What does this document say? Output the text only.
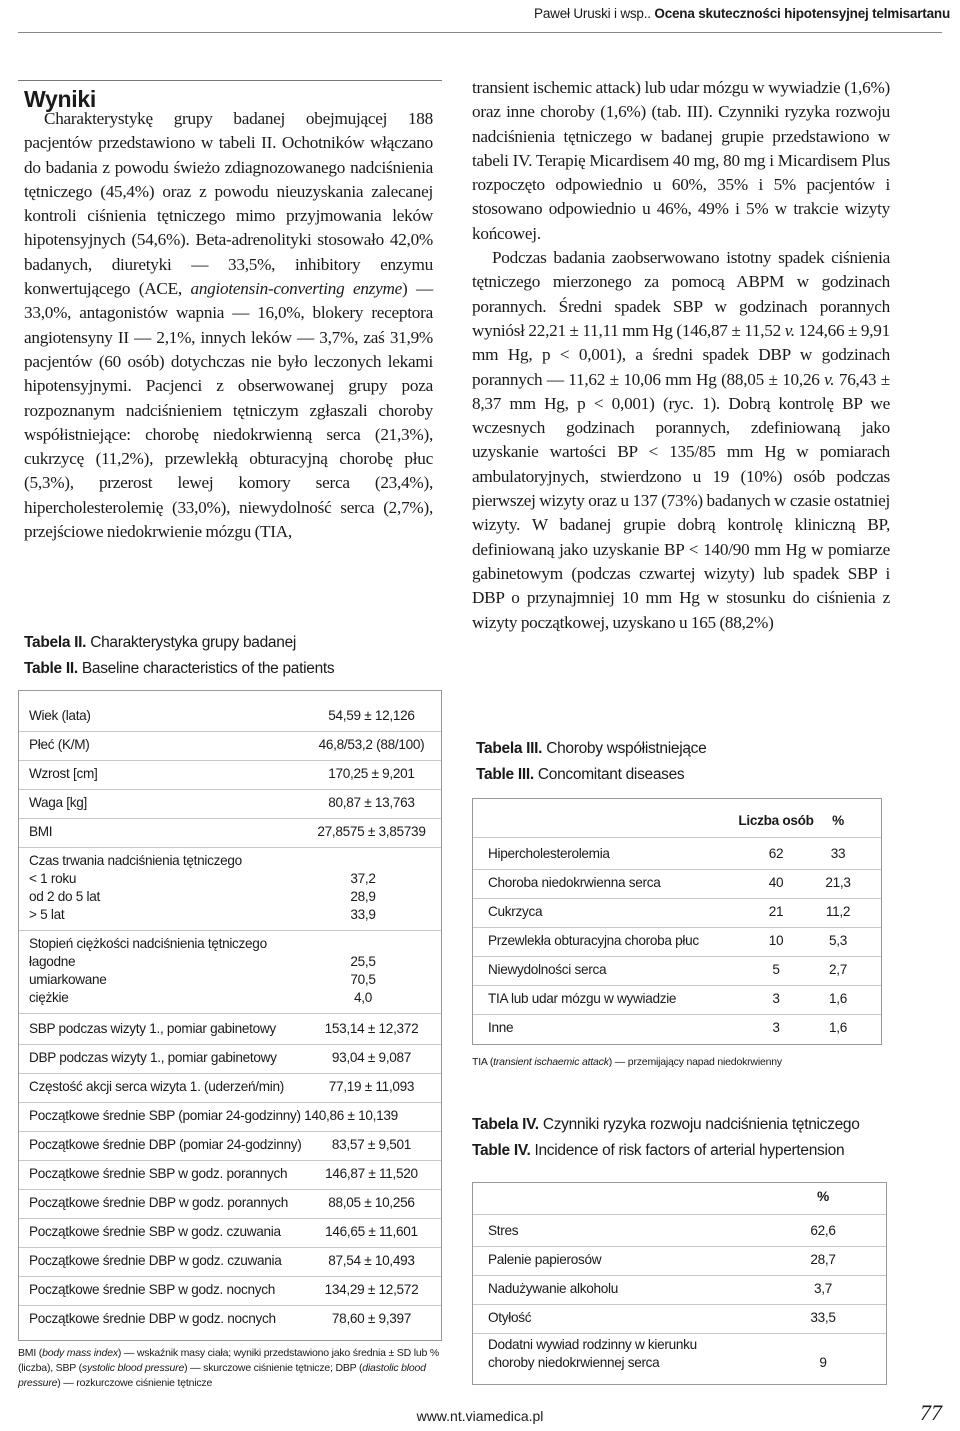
Paweł Uruski i wsp.. Ocena skuteczności hipotensyjnej telmisartanu
Wyniki

Charakterystykę grupy badanej obejmującej 188 pacjentów przedstawiono w tabeli II. Ochotników włączano do badania z powodu świeżo zdiagnozowanego nadciśnienia tętniczego (45,4%) oraz z powodu nieuzyskania zalecanej kontroli ciśnienia tętniczego mimo przyjmowania leków hipotensyjnych (54,6%). Beta-adrenolityki stosowało 42,0% badanych, diuretyki — 33,5%, inhibitory enzymu konwertującego (ACE, angiotensin-converting enzyme) — 33,0%, antagonistów wapnia — 16,0%, blokery receptora angiotensyny II — 2,1%, innych leków — 3,7%, zaś 31,9% pacjentów (60 osób) dotychczas nie było leczonych lekami hipotensyjnymi. Pacjenci z obserwowanej grupy poza rozpoznanym nadciśnieniem tętniczym zgłaszali choroby współistniejące: chorobę niedokrwienną serca (21,3%), cukrzycę (11,2%), przewlekłą obturacyjną chorobę płuc (5,3%), przerost lewej komory serca (23,4%), hipercholesterolemię (33,0%), niewydolność serca (2,7%), przejściowe niedokrwienie mózgu (TIA,

transient ischemic attack) lub udar mózgu w wywiadzie (1,6%) oraz inne choroby (1,6%) (tab. III). Czynniki ryzyka rozwoju nadciśnienia tętniczego w badanej grupie przedstawiono w tabeli IV. Terapię Micardisem 40 mg, 80 mg i Micardisem Plus rozpoczęto odpowiednio u 60%, 35% i 5% pacjentów i stosowano odpowiednio u 46%, 49% i 5% w trakcie wizyty końcowej.

Podczas badania zaobserwowano istotny spadek ciśnienia tętniczego mierzonego za pomocą ABPM w godzinach porannych. Średni spadek SBP w godzinach porannych wyniósł 22,21 ± 11,11 mm Hg (146,87 ± 11,52 v. 124,66 ± 9,91 mm Hg, p < 0,001), a średni spadek DBP w godzinach porannych — 11,62 ± 10,06 mm Hg (88,05 ± 10,26 v. 76,43 ± 8,37 mm Hg, p < 0,001) (ryc. 1). Dobrą kontrolę BP we wczesnych godzinach porannych, zdefiniowaną jako uzyskanie wartości BP < 135/85 mm Hg w pomiarach ambulatoryjnych, stwierdzono u 19 (10%) osób podczas pierwszej wizyty oraz u 137 (73%) badanych w czasie ostatniej wizyty. W badanej grupie dobrą kontrolę kliniczną BP, definiowaną jako uzyskanie BP < 140/90 mm Hg w pomiarze gabinetowym (podczas czwartej wizyty) lub spadek SBP i DBP o przynajmniej 10 mm Hg w stosunku do ciśnienia z wizyty początkowej, uzyskano u 165 (88,2%)

Tabela II. Charakterystyka grupy badanej
Table II. Baseline characteristics of the patients
Wiek (lata)	54,59 ± 12,126
Płeć (K/M)	46,8/53,2 (88/100)
Wzrost [cm]	170,25 ± 9,201
Waga [kg]	80,87 ± 13,763
BMI	27,8575 ± 3,85739
Czas trwania nadciśnienia tętniczego
< 1 roku	37,2
od 2 do 5 lat	28,9
> 5 lat	33,9
Stopień ciężkości nadciśnienia tętniczego
łagodne	25,5
umiarkowane	70,5
ciężkie	4,0
SBP podczas wizyty 1., pomiar gabinetowy	153,14 ± 12,372
DBP podczas wizyty 1., pomiar gabinetowy	93,04 ± 9,087
Częstość akcji serca wizyta 1. (uderzeń/min)	77,19 ± 11,093
Początkowe średnie SBP (pomiar 24-godzinny) 140,86 ± 10,139
Początkowe średnie DBP (pomiar 24-godzinny)	83,57 ± 9,501
Początkowe średnie SBP w godz. porannych	146,87 ± 11,520
Początkowe średnie DBP w godz. porannych	88,05 ± 10,256
Początkowe średnie SBP w godz. czuwania	146,65 ± 11,601
Początkowe średnie DBP w godz. czuwania	87,54 ± 10,493
Początkowe średnie SBP w godz. nocnych	134,29 ± 12,572
Początkowe średnie DBP w godz. nocnych	78,60 ± 9,397
BMI (body mass index) — wskaźnik masy ciała; wyniki przedstawiono jako średnia ± SD lub % (liczba), SBP (systolic blood pressure) — skurczowe ciśnienie tętnicze; DBP (diastolic blood pressure) — rozkurczowe ciśnienie tętnicze
Tabela III. Choroby współistniejące
Table III. Concomitant diseases
Liczba osób	%
Hipercholesterolemia	62	33
Choroba niedokrwienna serca	40	21,3
Cukrzyca	21	11,2
Przewlekła obturacyjna choroba płuc	10	5,3
Niewydolności serca	5	2,7
TIA lub udar mózgu w wywiadzie	3	1,6
Inne	3	1,6
TIA (transient ischaemic attack) — przemijający napad niedokrwienny
Tabela IV. Czynniki ryzyka rozwoju nadciśnienia tętniczego
Table IV. Incidence of risk factors of arterial hypertension
%
Stres	62,6
Palenie papierosów	28,7
Nadużywanie alkoholu	3,7
Otyłość	33,5
Dodatni wywiad rodzinny w kierunku
choroby niedokrwiennej serca	9
www.nt.viamedica.pl	77
